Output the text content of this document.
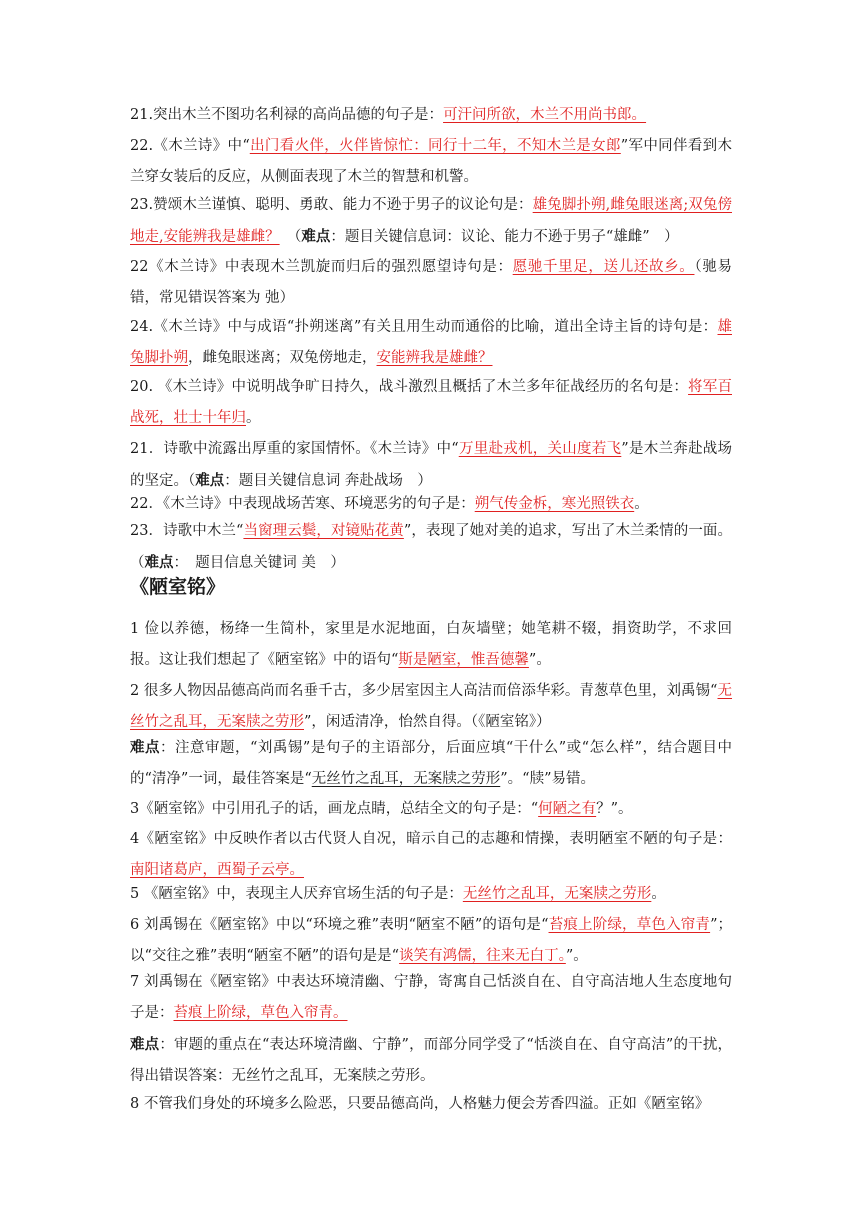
21.突出木兰不图功名利禄的高尚品德的句子是：可汗问所欲，木兰不用尚书郎。

22.《木兰诗》中“出门看火伴，火伴皆惊忙：同行十二年，不知木兰是女郎”军中同伴看到木兰穿女装后的反应，从侧面表现了木兰的智慧和机警。

23.赞颂木兰谨慎、聪明、勇敢、能力不逊于男子的议论句是：雄兔脚扑朔,雌兔眼迷离;双兔傍地走,安能辨我是雄雌？　（难点：题目关键信息词：议论、能力不逊于男子“雄雌”　）

22《木兰诗》中表现木兰凯旋而归后的强烈愿望诗句是：愿驰千里足，送儿还故乡。（驰易错，常见错误答案为 弛）

24.《木兰诗》中与成语“扑朔迷离”有关且用生动而通俗的比喻，道出全诗主旨的诗句是：雄兔脚扑朔，雌兔眼迷离；双兔傍地走，安能辨我是雄雌？

20. 《木兰诗》中说明战争旷日持久，战斗激烈且概括了木兰多年征战经历的名句是：将军百战死，壮士十年归。

21．诗歌中流露出厚重的家国情怀。《木兰诗》中“万里赴戎机，关山度若飞”是木兰奔赴战场的坚定。（难点：题目关键信息词 奔赴战场　）

22．《木兰诗》中表现战场苦寒、环境恶劣的句子是：朔气传金柝，寒光照铁衣。

23．诗歌中木兰“当窗理云鬓，对镜贴花黄”，表现了她对美的追求，写出了木兰柔情的一面。（难点：　题目信息关键词 美　）

《陋室铭》

1 俭以养德，杨绛一生简朴，家里是水泥地面，白灰墙壁；她笔耕不辍，捐资助学，不求回报。这让我们想起了《陋室铭》中的语句“斯是陋室，惟吾德馨”。

2 很多人物因品德高尚而名垂千古，多少居室因主人高洁而倍添华彩。青葱草色里，刘禹锡“无丝竹之乱耳，无案牍之劳形”，闲适清净，怡然自得。（《陋室铭》）

难点：注意审题，“刘禹锡”是句子的主语部分，后面应填“干什么”或“怎么样”，结合题目中的“清净”一词，最佳答案是“无丝竹之乱耳，无案牍之劳形”。“牍”易错。

3《陋室铭》中引用孔子的话，画龙点睛，总结全文的句子是：“何陋之有？”。

4《陋室铭》中反映作者以古代贤人自况，暗示自己的志趣和情操，表明陋室不陋的句子是：南阳诸葛庐，西蜀子云亭。

5 《陋室铭》中，表现主人厌弃官场生活的句子是：无丝竹之乱耳，无案牍之劳形。

6 刘禹锡在《陋室铭》中以“环境之雅”表明“陋室不陋”的语句是“苔痕上阶绿，草色入帘青”；以“交往之雅”表明“陋室不陋”的语句是是“谈笑有鸿儒，往来无白丁。”。

7 刘禹锡在《陋室铭》中表达环境清幽、宁静，寄寓自己恬淡自在、自守高洁地人生态度地句子是：苔痕上阶绿，草色入帘青。

难点：审题的重点在“表达环境清幽、宁静”，而部分同学受了“恬淡自在、自守高洁”的干扰，得出错误答案：无丝竹之乱耳，无案牍之劳形。

8 不管我们身处的环境多么险恶，只要品德高尚，人格魅力便会芳香四溢。正如《陋室铭》
